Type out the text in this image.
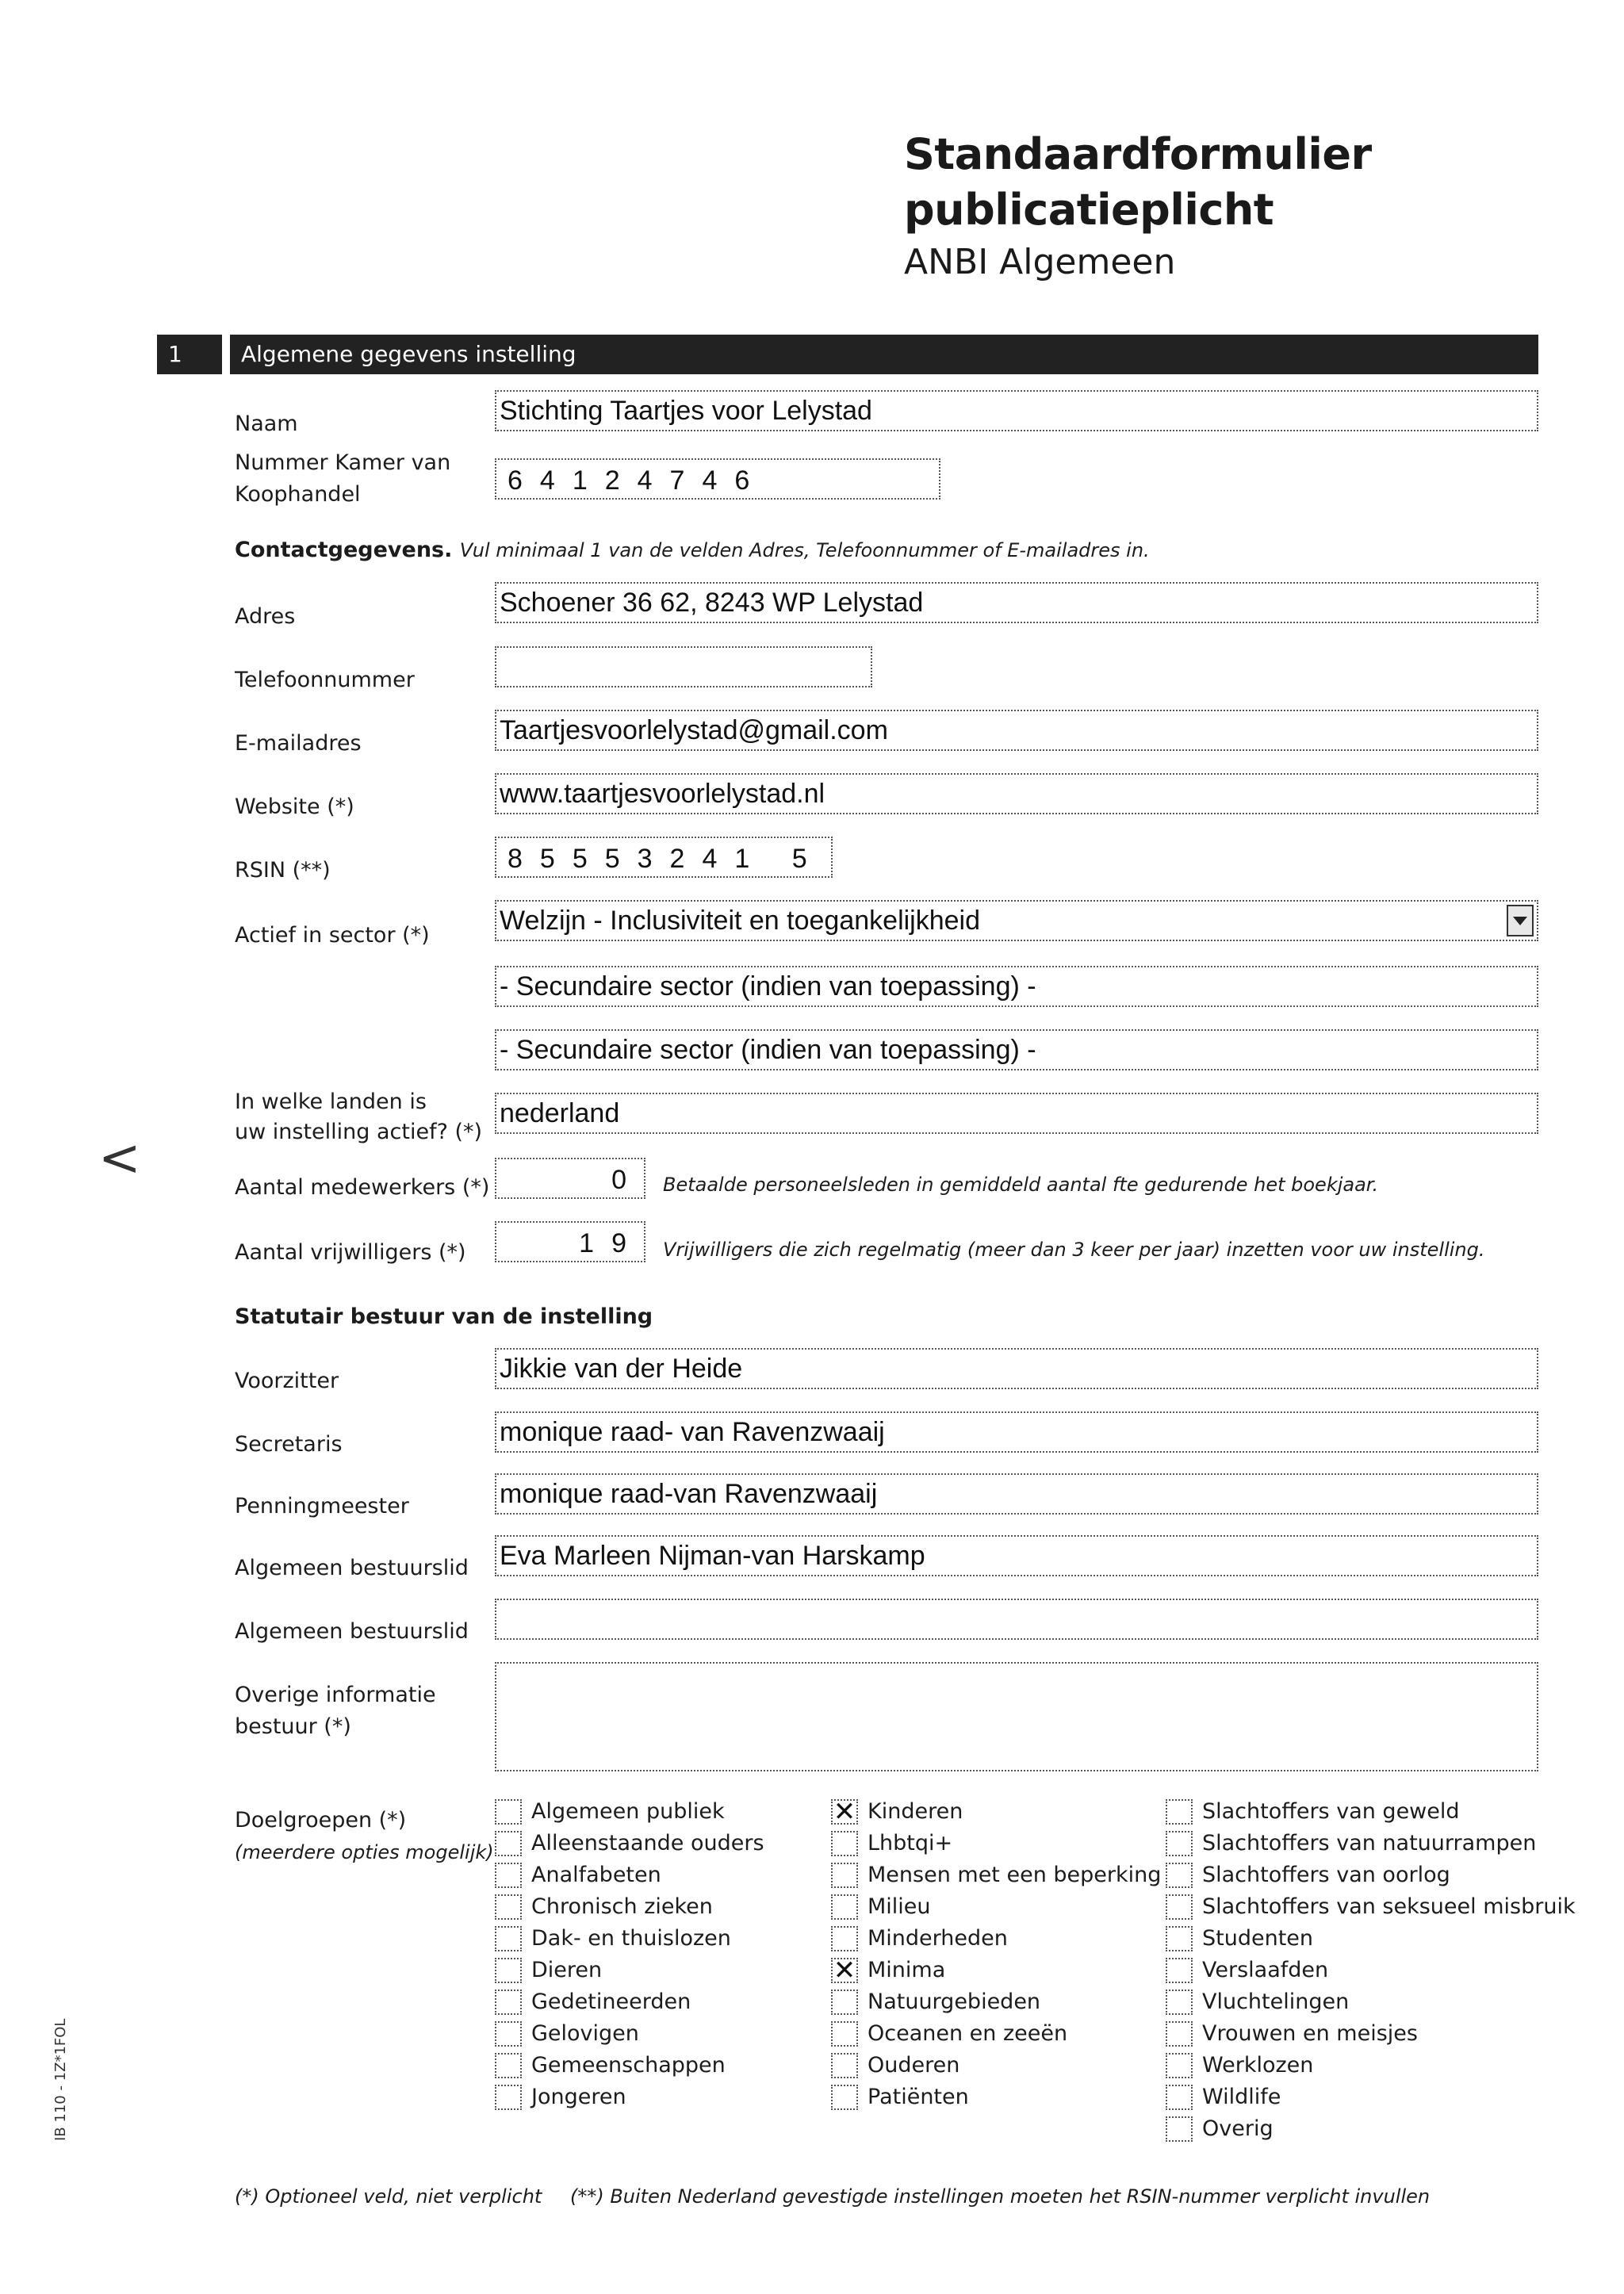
Standaardformulier
publicatieplicht
ANBI Algemeen
1	Algemene gegevens instelling
Naam	Stichting Taartjes voor Lelystad
Nummer Kamer van
Koophandel	64124746
Contactgegevens. Vul minimaal 1 van de velden Adres, Telefoonnummer of E-mailadres in.
Adres	Schoener 36 62, 8243 WP Lelystad
Telefoonnummer
E-mailadres	Taartjesvoorlelystad@gmail.com
Website (*)	www.taartjesvoorlelystad.nl
RSIN (**)	85553241 5
Actief in sector (*)	Welzijn - Inclusiviteit en toegankelijkheid
- Secundaire sector (indien van toepassing) -
- Secundaire sector (indien van toepassing) -
In welke landen is
uw instelling actief? (*)
nederland
Aantal medewerkers (*)	0 Betaalde personeelsleden in gemiddeld aantal fte gedurende het boekjaar.
Aantal vrijwilligers (*)	19 Vrijwilligers die zich regelmatig (meer dan 3 keer per jaar) inzetten voor uw instelling.
Statutair bestuur van de instelling
Voorzitter	Jikkie van der Heide
Secretaris	monique raad- van Ravenzwaaij
Penningmeester	monique raad-van Ravenzwaaij
Algemeen bestuurslid Eva Marleen Nijman-van Harskamp
Algemeen bestuurslid
Overige informatie
bestuur (*)
Doelgroepen (*)
(meerdere opties mogelijk)
Algemeen publiek
Alleenstaande ouders
Analfabeten
Chronisch zieken
Dak- en thuislozen
Dieren
Gedetineerden
Gelovigen
Gemeenschappen
Jongeren
✕ Kinderen
Lhbtqi+
Mensen met een beperking
Milieu
Minderheden
✕ Minima
Natuurgebieden
Oceanen en zeeën
Ouderen
Patiënten
Slachtoffers van geweld
Slachtoffers van natuurrampen
Slachtoffers van oorlog
Slachtoffers van seksueel misbruik
Studenten
Verslaafden
Vluchtelingen
Vrouwen en meisjes
Werklozen
Wildlife
Overig
<
IB 110 - 1Z*1FOL
(*) Optioneel veld, niet verplicht (**) Buiten Nederland gevestigde instellingen moeten het RSIN-nummer verplicht invullen
